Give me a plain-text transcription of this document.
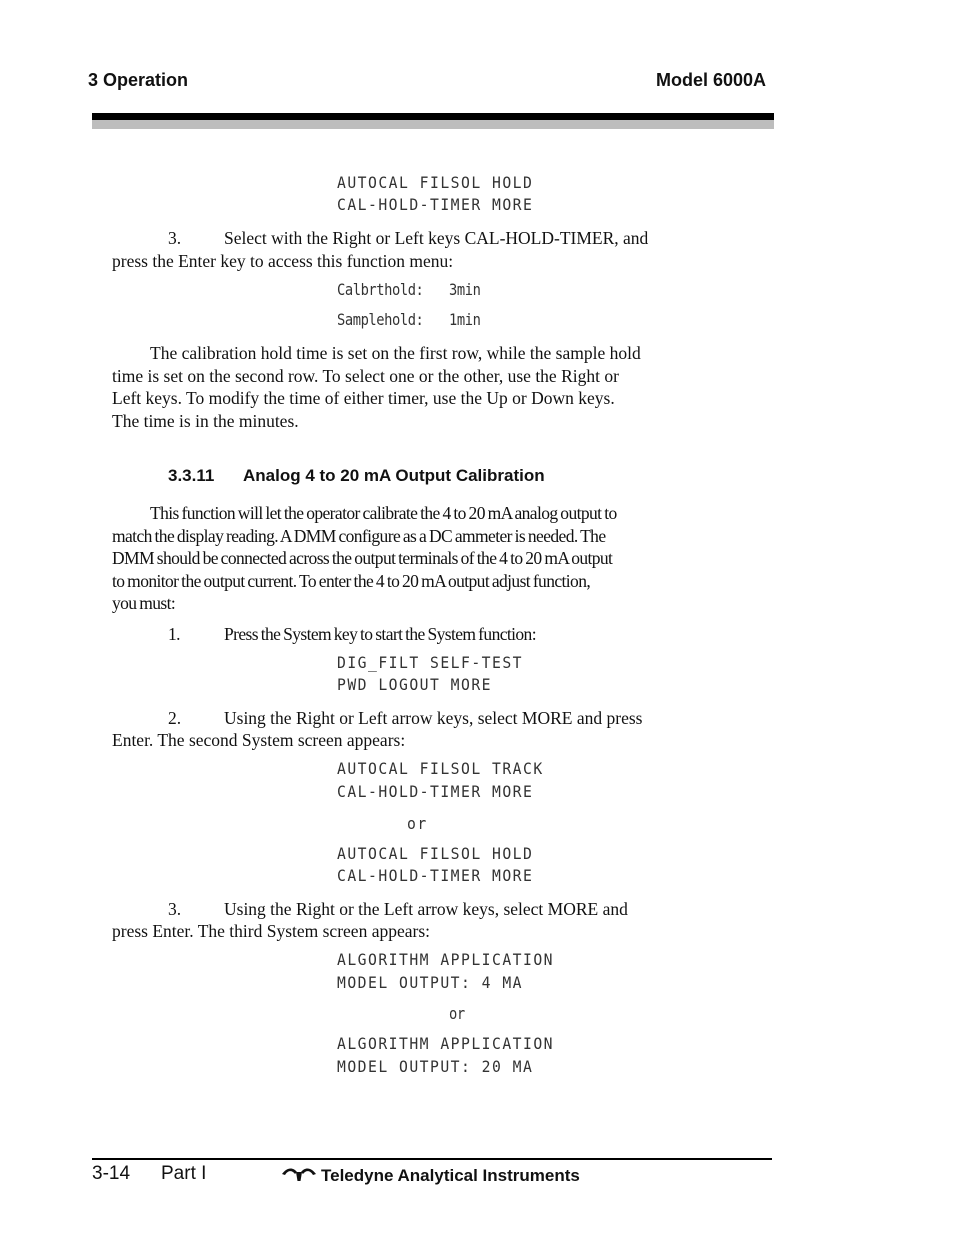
3 Operation	Model 6000A
AUTOCAL FILSOL HOLD
CAL-HOLD-TIMER MORE
3. Select with the Right or Left keys CAL-HOLD-TIMER, and
press the Enter key to access this function menu:
Calbrthold: 3min
Samplehold: 1min
The calibration hold time is set on the first row, while the sample hold
time is set on the second row. To select one or the other, use the Right or
Left keys. To modify the time of either timer, use the Up or Down keys.
The time is in the minutes.
3.3.11 Analog 4 to 20 mA Output Calibration
This function will let the operator calibrate the 4 to 20 mA analog output to
match the display reading. A DMM configure as a DC ammeter is needed. The
DMM should be connected across the output terminals of the 4 to 20 mA output
to monitor the output current. To enter the 4 to 20 mA output adjust function,
you must:
1.	Press the System key to start the System function:
DIG_FILT SELF-TEST
PWD LOGOUT MORE
2. Using the Right or Left arrow keys, select MORE and press
Enter. The second System screen appears:
AUTOCAL FILSOL TRACK
CAL-HOLD-TIMER MORE
or
AUTOCAL FILSOL HOLD
CAL-HOLD-TIMER MORE
3. Using the Right or the Left arrow keys, select MORE and
press Enter. The third System screen appears:
ALGORITHM APPLICATION
MODEL OUTPUT: 4 MA
or
ALGORITHM APPLICATION
MODEL OUTPUT: 20 MA
3-14 Part I	Teledyne Analytical Instruments
